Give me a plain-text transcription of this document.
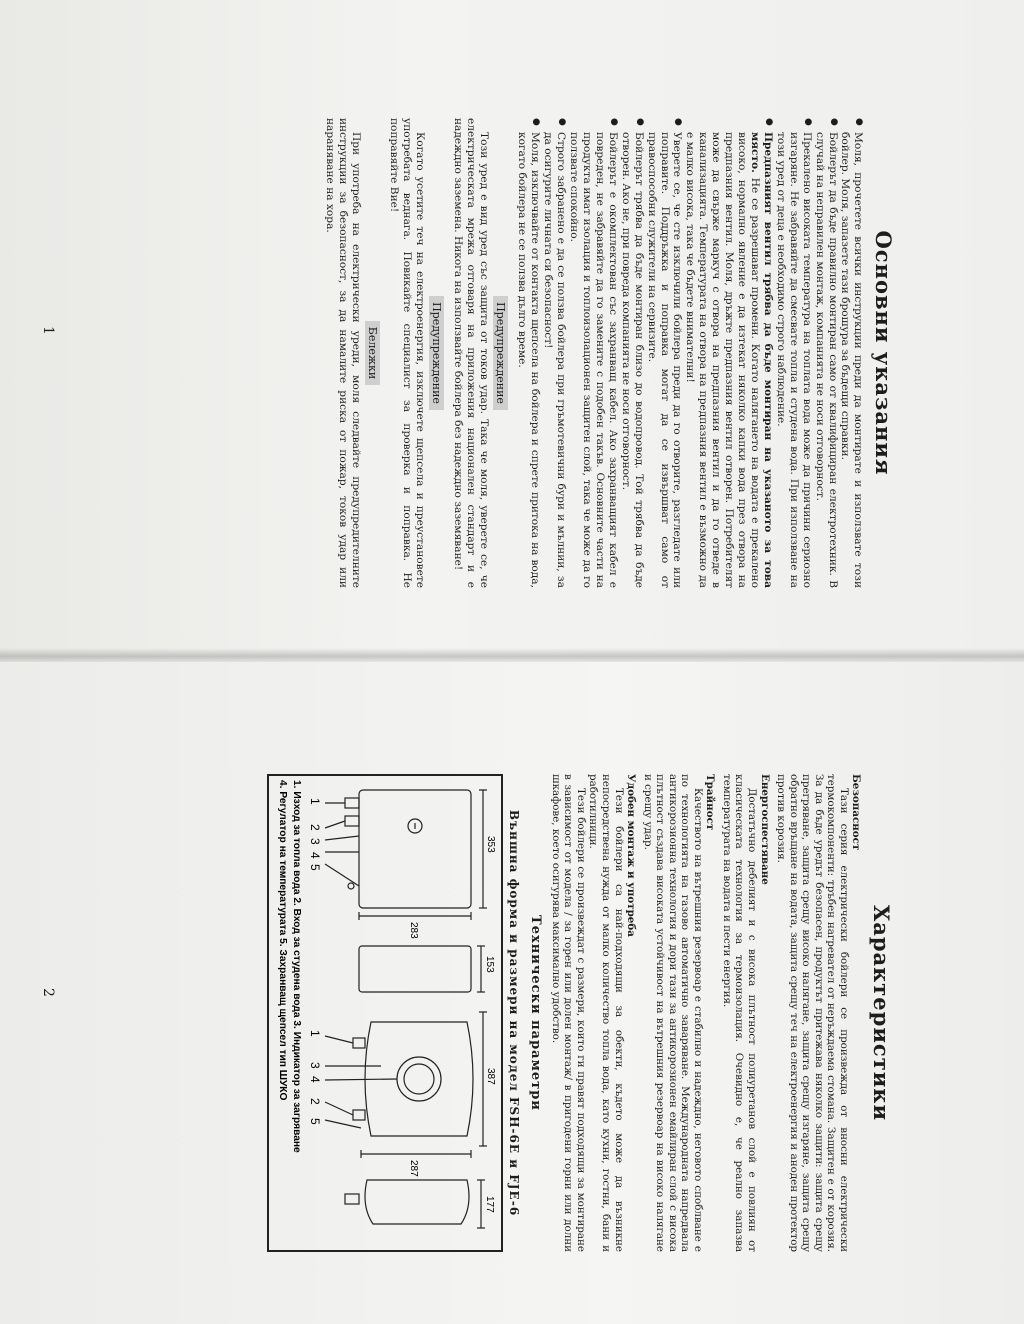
Основни указания
● Моля, прочетете всички инструкции преди да монтирате и използвате този бойлер. Моля, запазете тази брошура за бъдещи справки.
● Бойлерът да бъде правилно монтиран само от квалифициран електротехник. В случай на неправилен монтаж, компанията не носи отговорност.
● Прекалено високата температура на топлата вода може да причини сериозно изгаряне. Не забравяйте да смесвате топла и студена вода. При използване на този уред от деца е необходимо строго наблюдение.
● Предпазният вентил трябва да бъде монтиран на указаното за това място. Не се разрешават промени. Когато налягането на водата е прекалено високо, нормално явление е да изтекат няколко капки вода през отвора на предпазния вентил. Моля, дръжте предпазния вентил отворен. Потребителят може да свърже маркуч с отвора на предпазния вентил и да го отведе в канализацията. Температурата на отвора на предпазния вентил е възможно да е малко висока, така че бъдете внимателни!
● Уверете се, че сте изключили бойлера преди да го отворите, разгледате или поправите. Поддръжка и поправка могат да се извършват само от правоспособни служители на сервизите.
● Бойлерът трябва да бъде монтиран близо до водопровод. Той трябва да бъде отворен. Ако не, при повреда компанията не носи отговорност.
● Бойлерът е окомплектован със захранващ кабел. Ако захранващият кабел е повреден, не забравяйте да го замените с подобен такъв. Основните части на продукта имат изолация и топлоизолационен защитен слой, така че може да го ползвате спокойно.
● Строго забранено е да се ползва бойлера при гръмотевични бури и мълнии, за да осигурите личната си безопасност!
● Моля, изключвайте от контакта щепсела на бойлера и спрете притока на вода, когато бойлера не се ползва дълго време.
Предупреждение

Този уред е вид уред със защита от токов удар. Така че моля, уверете се, че електрическата мрежа отговаря на приложения национален стандарт и е надеждно заземена. Никога на използвайте бойлера без надеждно заземяване!

Предупреждение

Когато усетите теч на електроенергия, изключете щепсела и преустановете употребата веднага. Повикайте специалист за проверка и поправка. Не поправяйте Вие!

Бележки

При употреба на електрически уреди, моля следвайте предупредителните инструкции за безопасност, за да намалите риска от пожар, токов удар или нараняване на хора.

1
Характеристики
Безопасност

Тази серия електрически бойлери се произвежда от вносни електрически термокомпоненти: тръбен нагревател от неръждаема стомана. Защитен е от корозия. За да бъде уредът безопасен, продуктът притежава няколко защити: защита срещу прегряване, защита срещу високо налягане, защита срещу изгаряне, защита срещу обратно връщане на водата, защита срещу теч на електроенергия и аноден протектор против корозия.

Енергоспестяване

Достатъчно дебелият и с висока плътност полиуретанов слой е повлиян от класическата технология за термоизолация. Очевидно е, че реално запазва температурата на водата и пести енергия.

Трайност

Качеството на вътрешния резервоар е стабилно и надеждно, неговото споблване е по технологията на газово автоматично заваряване. Международната напредвала антикорозионна технология и дори тази за антикорозионен емайлиран слой с висока плътност създава високата устойчивост на вътрешния резервоар на високо налягане и срещу удар.

Удобен монтаж и употреба

Тези бойлери са най-подходящи за обекти, където може да възникне непосредствена нужда от малко количество топла вода, като кухни, гостни, бани и работилници.

Тези бойлери се произвеждат с размери, които ги правят подходящи за монтиране в зависимост от модела / за горен или долен монтаж/ в пригодени горни или долни шкафове, което осигурява максимално удобство.

Технически параметри
Външна форма и размери на модел FSH-6E и FJE-6
353
283
1
2
3
4
5
153
387
287
1
3
4
2
5
177
1. Изход за топла вода 2. Вход за студена вода 3. Индикатор за загряване
4. Регулатор на температурата 5. Захранващ щепсел тип ШУКО
2
